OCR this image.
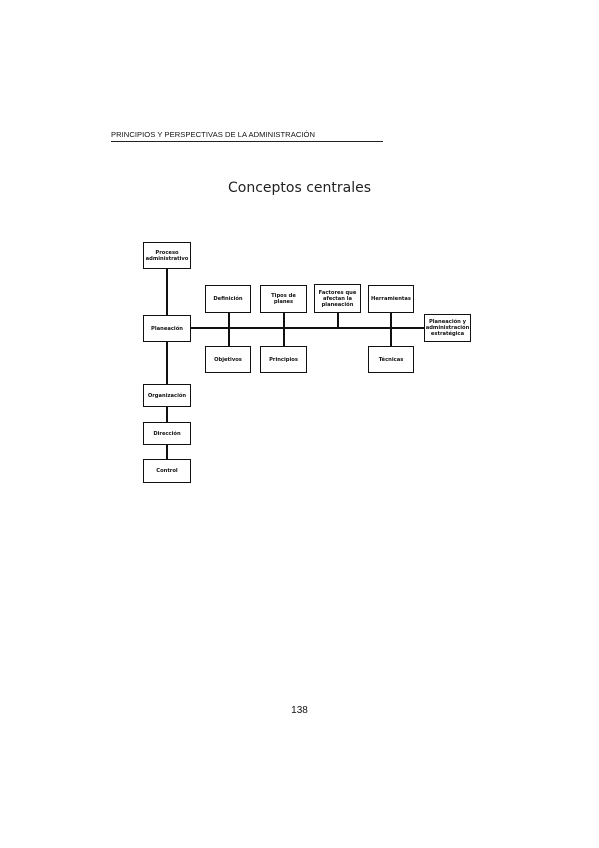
PRINCIPIOS Y PERSPECTIVAS DE LA ADMINISTRACIÓN
Conceptos centrales
Proceso administrativo
Planeación
Organización
Dirección
Control
Definición	Tipos de planes
Factores que afectan la planeación
Herramientas
Planeación y administración estratégica
Objetivos	Principios	Técnicas
138
